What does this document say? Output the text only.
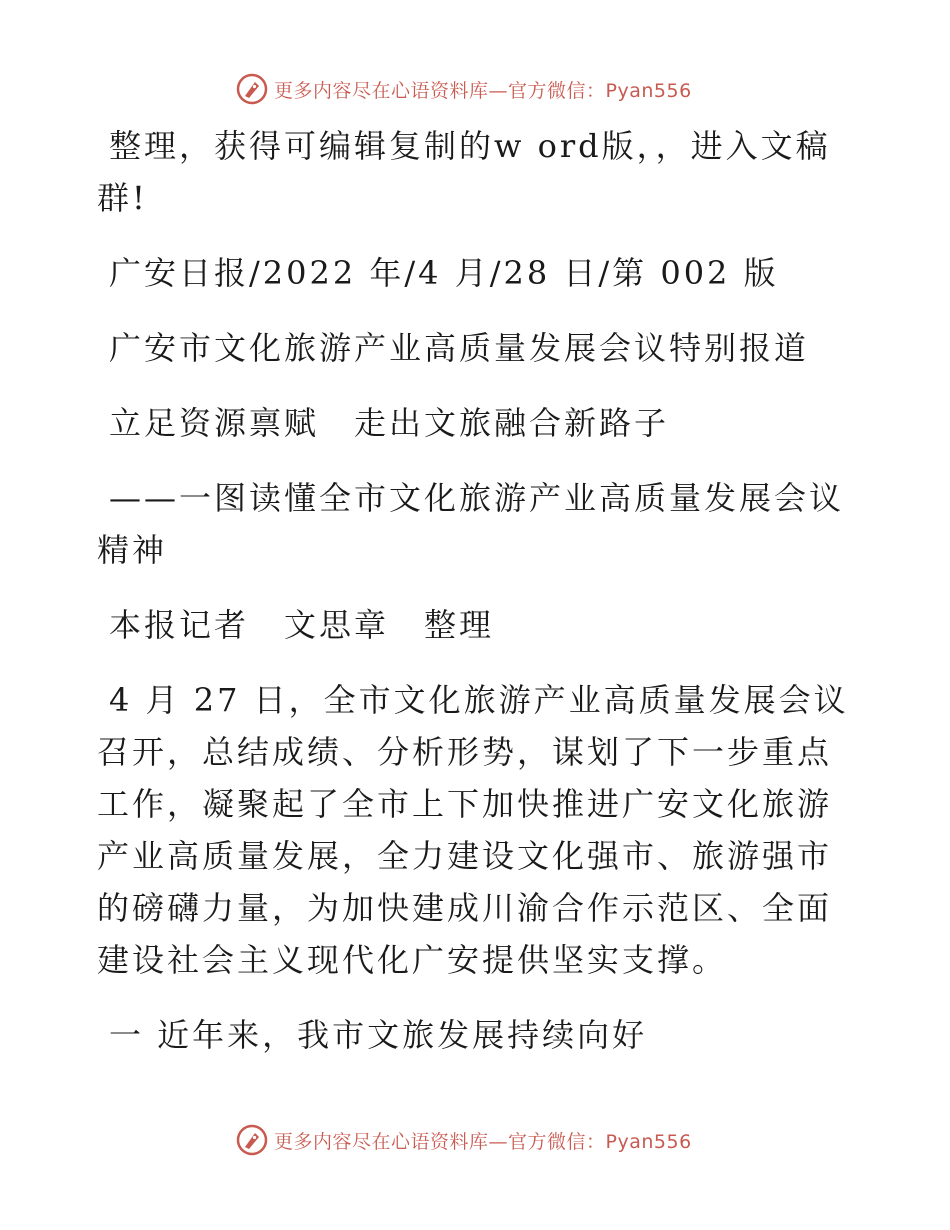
更多内容尽在心语资料库—官方微信：Pyan556

整理，获得可编辑复制的w ord版，，进入文稿群!

广安日报/2022 年/4 月/28 日/第 002 版

广安市文化旅游产业高质量发展会议特别报道

立足资源禀赋　走出文旅融合新路子

——一图读懂全市文化旅游产业高质量发展会议精神

本报记者　文思章　整理

4 月 27 日，全市文化旅游产业高质量发展会议召开，总结成绩、分析形势，谋划了下一步重点工作，凝聚起了全市上下加快推进广安文化旅游产业高质量发展，全力建设文化强市、旅游强市的磅礴力量，为加快建成川渝合作示范区、全面建设社会主义现代化广安提供坚实支撑。

一 近年来，我市文旅发展持续向好

更多内容尽在心语资料库—官方微信：Pyan556
